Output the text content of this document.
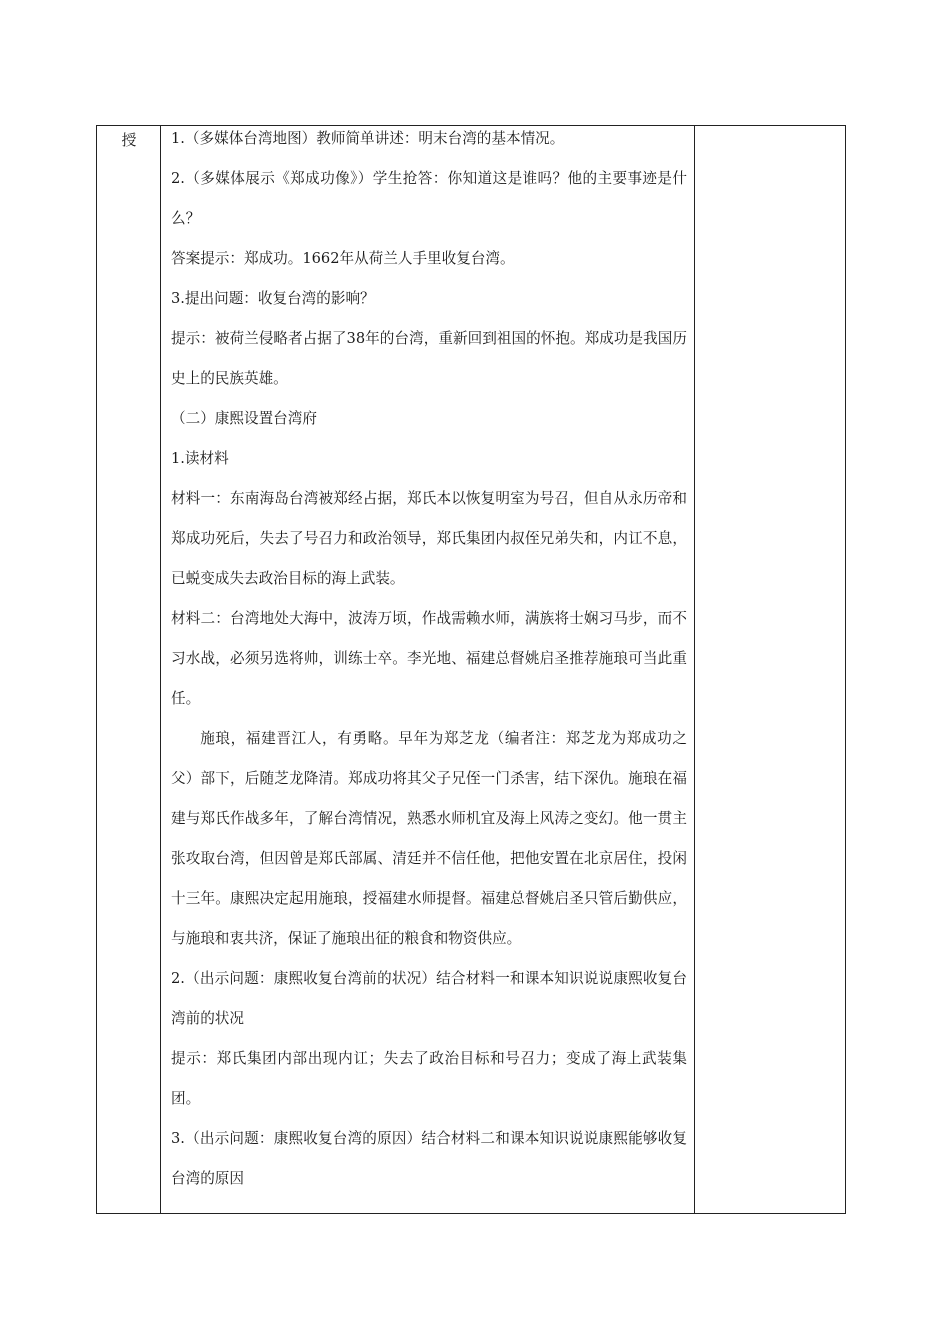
授	1.（多媒体台湾地图）教师简单讲述：明末台湾的基本情况。

2.（多媒体展示《郑成功像》）学生抢答：你知道这是谁吗？他的主要事迹是什么？

答案提示：郑成功。1662年从荷兰人手里收复台湾。

3.提出问题：收复台湾的影响？

提示：被荷兰侵略者占据了38年的台湾，重新回到祖国的怀抱。郑成功是我国历史上的民族英雄。

（二）康熙设置台湾府

1.读材料

材料一：东南海岛台湾被郑经占据，郑氏本以恢复明室为号召，但自从永历帝和郑成功死后，失去了号召力和政治领导，郑氏集团内叔侄兄弟失和，内讧不息，已蜕变成失去政治目标的海上武装。

材料二：台湾地处大海中，波涛万顷，作战需赖水师，满族将士娴习马步，而不习水战，必须另选将帅，训练士卒。李光地、福建总督姚启圣推荐施琅可当此重任。

施琅，福建晋江人，有勇略。早年为郑芝龙（编者注：郑芝龙为郑成功之父）部下，后随芝龙降清。郑成功将其父子兄侄一门杀害，结下深仇。施琅在福建与郑氏作战多年，了解台湾情况，熟悉水师机宜及海上风涛之变幻。他一贯主张攻取台湾，但因曾是郑氏部属、清廷并不信任他，把他安置在北京居住，投闲十三年。康熙决定起用施琅，授福建水师提督。福建总督姚启圣只管后勤供应，与施琅和衷共济，保证了施琅出征的粮食和物资供应。

2.（出示问题：康熙收复台湾前的状况）结合材料一和课本知识说说康熙收复台湾前的状况

提示：郑氏集团内部出现内讧；失去了政治目标和号召力；变成了海上武装集团。

3.（出示问题：康熙收复台湾的原因）结合材料二和课本知识说说康熙能够收复台湾的原因
